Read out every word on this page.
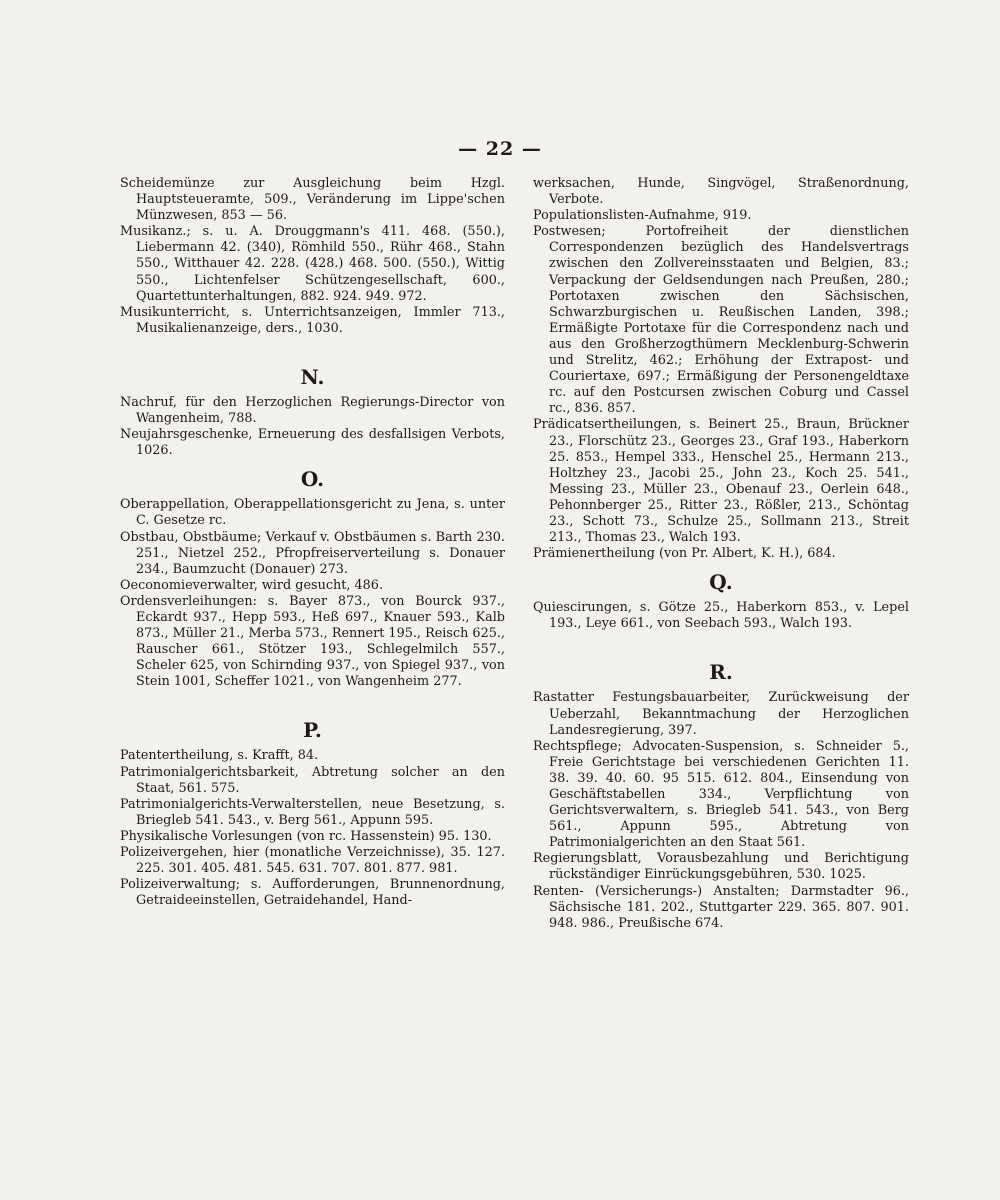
— 22 —

Scheidemünze zur Ausgleichung beim Hzgl. Hauptsteueramte, 509., Veränderung im Lippe'schen Münzwesen, 853 — 56.

Musikanz.; s. u. A. Drouggmann's 411. 468. (550.), Liebermann 42. (340), Römhild 550., Rühr 468., Stahn 550., Witthauer 42. 228. (428.) 468. 500. (550.), Wittig 550., Lichtenfelser Schützengesellschaft, 600., Quartettunterhaltungen, 882. 924. 949. 972.

Musikunterricht, s. Unterrichtsanzeigen, Immler 713., Musikalienanzeige, ders., 1030.

N.

Nachruf, für den Herzoglichen Regierungs-Director von Wangenheim, 788.

Neujahrsgeschenke, Erneuerung des desfallsigen Verbots, 1026.

O.

Oberappellation, Oberappellationsgericht zu Jena, s. unter C. Gesetze rc.

Obstbau, Obstbäume; Verkauf v. Obstbäumen s. Barth 230. 251., Nietzel 252., Pfropfreiserverteilung s. Donauer 234., Baumzucht (Donauer) 273.

Oeconomieverwalter, wird gesucht, 486.

Ordensverleihungen: s. Bayer 873., von Bourck 937., Eckardt 937., Hepp 593., Heß 697., Knauer 593., Kalb 873., Müller 21., Merba 573., Rennert 195., Reisch 625., Rauscher 661., Stötzer 193., Schlegelmilch 557., Scheler 625, von Schirnding 937., von Spiegel 937., von Stein 1001, Scheffer 1021., von Wangenheim 277.

P.

Patentertheilung, s. Krafft, 84.

Patrimonialgerichtsbarkeit, Abtretung solcher an den Staat, 561. 575.

Patrimonialgerichts-Verwalterstellen, neue Besetzung, s. Briegleb 541. 543., v. Berg 561., Appunn 595.

Physikalische Vorlesungen (von rc. Hassenstein) 95. 130.

Polizeivergehen, hier (monatliche Verzeichnisse), 35. 127. 225. 301. 405. 481. 545. 631. 707. 801. 877. 981.

Polizeiverwaltung; s. Aufforderungen, Brunnenordnung, Getraideeinstellen, Getraidehandel, Hand-

werksachen, Hunde, Singvögel, Straßenordnung, Verbote.

Populationslisten-Aufnahme, 919.

Postwesen; Portofreiheit der dienstlichen Correspondenzen bezüglich des Handelsvertrags zwischen den Zollvereinsstaaten und Belgien, 83.; Verpackung der Geldsendungen nach Preußen, 280.; Portotaxen zwischen den Sächsischen, Schwarzburgischen u. Reußischen Landen, 398.; Ermäßigte Portotaxe für die Correspondenz nach und aus den Großherzogthümern Mecklenburg-Schwerin und Strelitz, 462.; Erhöhung der Extrapost- und Couriertaxe, 697.; Ermäßigung der Personengeldtaxe rc. auf den Postcursen zwischen Coburg und Cassel rc., 836. 857.

Prädicatsertheilungen, s. Beinert 25., Braun, Brückner 23., Florschütz 23., Georges 23., Graf 193., Haberkorn 25. 853., Hempel 333., Henschel 25., Hermann 213., Holtzhey 23., Jacobi 25., John 23., Koch 25. 541., Messing 23., Müller 23., Obenauf 23., Oerlein 648., Pehonnberger 25., Ritter 23., Rößler, 213., Schöntag 23., Schott 73., Schulze 25., Sollmann 213., Streit 213., Thomas 23., Walch 193.

Prämienertheilung (von Pr. Albert, K. H.), 684.

Q.

Quiescirungen, s. Götze 25., Haberkorn 853., v. Lepel 193., Leye 661., von Seebach 593., Walch 193.

R.

Rastatter Festungsbauarbeiter, Zurückweisung der Ueberzahl, Bekanntmachung der Herzoglichen Landesregierung, 397.

Rechtspflege; Advocaten-Suspension, s. Schneider 5., Freie Gerichtstage bei verschiedenen Gerichten 11. 38. 39. 40. 60. 95 515. 612. 804., Einsendung von Geschäftstabellen 334., Verpflichtung von Gerichtsverwaltern, s. Briegleb 541. 543., von Berg 561., Appunn 595., Abtretung von Patrimonialgerichten an den Staat 561.

Regierungsblatt, Vorausbezahlung und Berichtigung rückständiger Einrückungsgebühren, 530. 1025.

Renten- (Versicherungs-) Anstalten; Darmstadter 96., Sächsische 181. 202., Stuttgarter 229. 365. 807. 901. 948. 986., Preußische 674.
